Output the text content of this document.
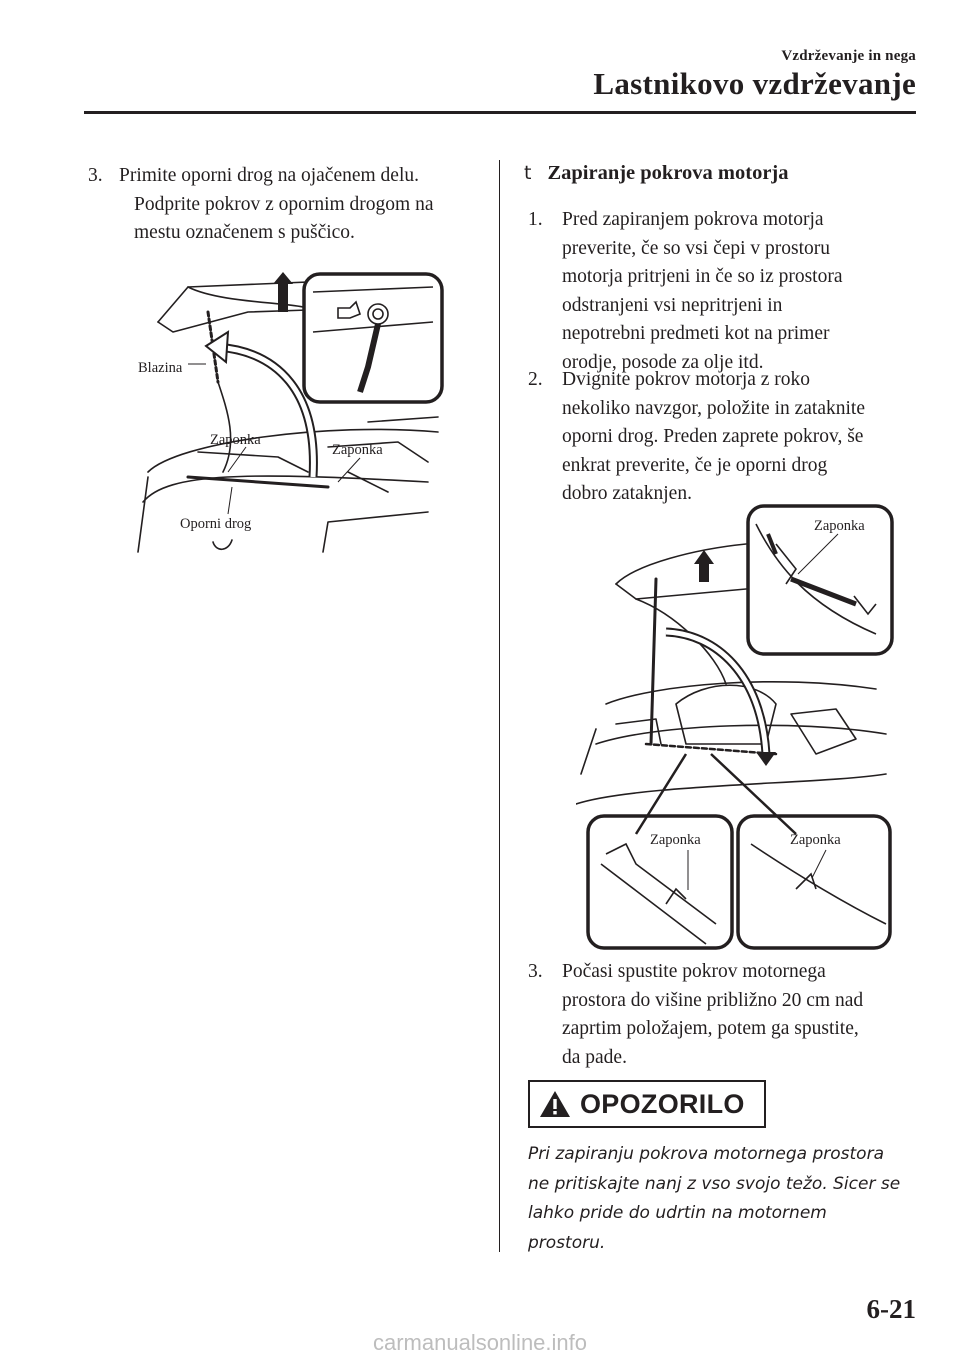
Vzdrževanje in nega
Lastnikovo vzdrževanje
3. Primite oporni drog na ojačenem delu.
Podprite pokrov z opornim drogom na
mestu označenem s puščico.
Blazina
Zaponka
Zaponka
Oporni drog
t Zapiranje pokrova motorja
1. Pred zapiranjem pokrova motorja
preverite, če so vsi čepi v prostoru
motorja pritrjeni in če so iz prostora
odstranjeni vsi nepritrjeni in
nepotrebni predmeti kot na primer
orodje, posode za olje itd.
2. Dvignite pokrov motorja z roko
nekoliko navzgor, položite in zataknite
oporni drog. Preden zaprete pokrov, še
enkrat preverite, če je oporni drog
dobro zataknjen.
Zaponka
Zaponka	Zaponka
3. Počasi spustite pokrov motornega
prostora do višine približno 20 cm nad
zaprtim položajem, potem ga spustite,
da pade.
OPOZORILO
Pri zapiranju pokrova motornega prostora
ne pritiskajte nanj z vso svojo težo. Sicer se
lahko pride do udrtin na motornem
prostoru.
6-21
carmanualsonline.info
